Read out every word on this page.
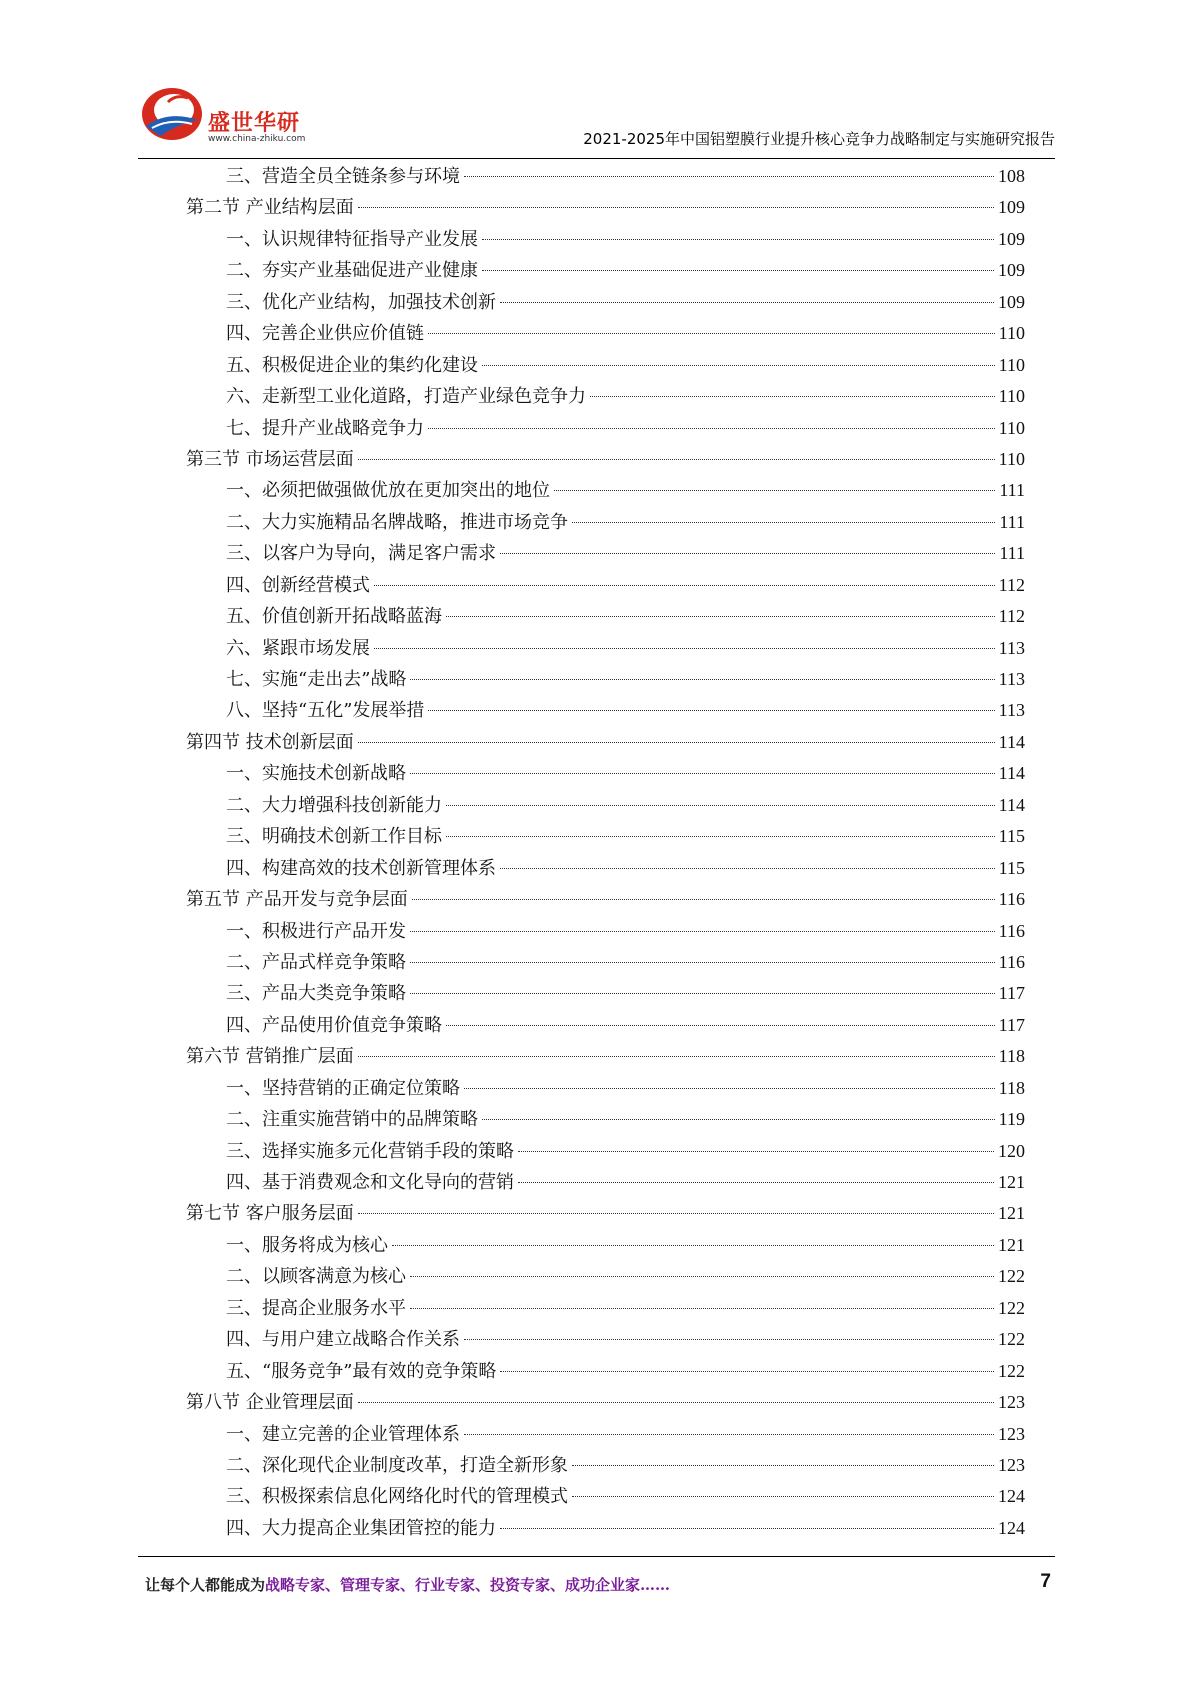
盛世华研
www.china-zhiku.com	2021-2025年中国铝塑膜行业提升核心竞争力战略制定与实施研究报告
三、营造全员全链条参与环境	108
第二节 产业结构层面	109
一、认识规律特征指导产业发展	109
二、夯实产业基础促进产业健康	109
三、优化产业结构，加强技术创新	109
四、完善企业供应价值链	110
五、积极促进企业的集约化建设	110
六、走新型工业化道路，打造产业绿色竞争力	110
七、提升产业战略竞争力	110
第三节 市场运营层面	110
一、必须把做强做优放在更加突出的地位	111
二、大力实施精品名牌战略，推进市场竞争	111
三、以客户为导向，满足客户需求	111
四、创新经营模式	112
五、价值创新开拓战略蓝海	112
六、紧跟市场发展	113
七、实施“走出去”战略	113
八、坚持“五化”发展举措	113
第四节 技术创新层面	114
一、实施技术创新战略	114
二、大力增强科技创新能力	114
三、明确技术创新工作目标	115
四、构建高效的技术创新管理体系	115
第五节 产品开发与竞争层面	116
一、积极进行产品开发	116
二、产品式样竞争策略	116
三、产品大类竞争策略	117
四、产品使用价值竞争策略	117
第六节 营销推广层面	118
一、坚持营销的正确定位策略	118
二、注重实施营销中的品牌策略	119
三、选择实施多元化营销手段的策略	120
四、基于消费观念和文化导向的营销	121
第七节 客户服务层面	121
一、服务将成为核心	121
二、以顾客满意为核心	122
三、提高企业服务水平	122
四、与用户建立战略合作关系	122
五、“服务竞争”最有效的竞争策略	122
第八节 企业管理层面	123
一、建立完善的企业管理体系	123
二、深化现代企业制度改革，打造全新形象	123
三、积极探索信息化网络化时代的管理模式	124
四、大力提高企业集团管控的能力	124
让每个人都能成为战略专家、管理专家、行业专家、投资专家、成功企业家……	7
